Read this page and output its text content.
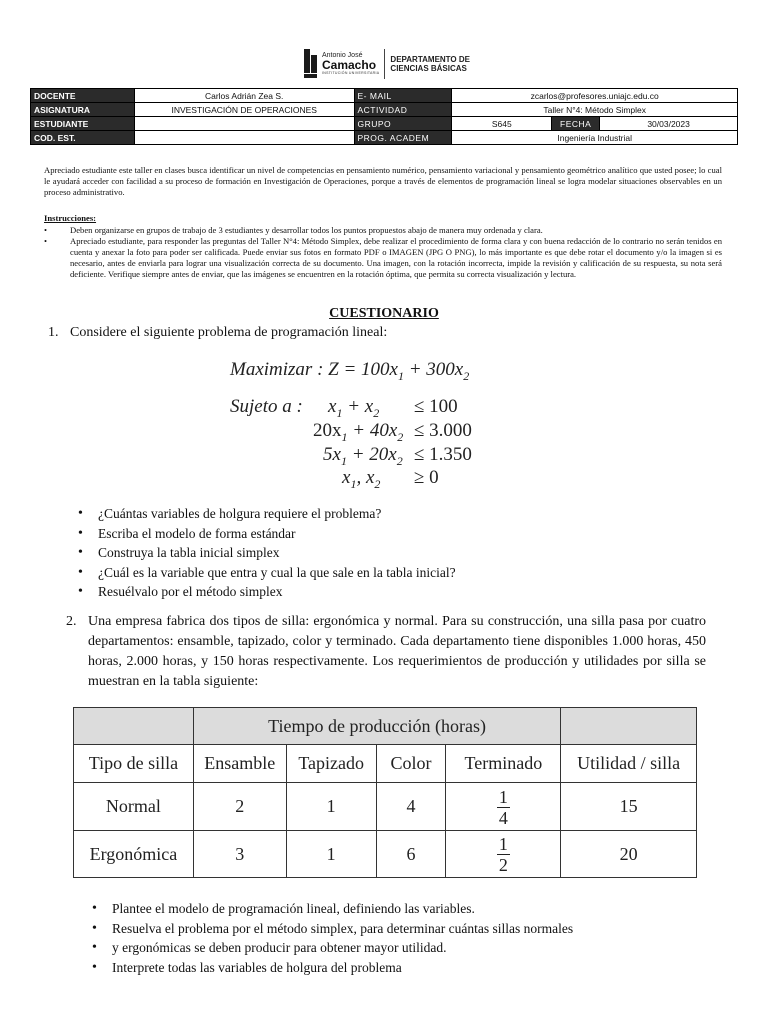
Antonio José
Camacho
INSTITUCIÓN UNIVERSITARIA
DEPARTAMENTO DE
CIENCIAS BÁSICAS
DOCENTE	Carlos Adrián Zea S.	E- MAIL	zcarlos@profesores.uniajc.edu.co		
ASIGNATURA	INVESTIGACIÓN DE OPERACIONES	ACTIVIDAD	Taller N°4: Método Simplex		
ESTUDIANTE		GRUPO	S645	FECHA	30/03/2023
COD. EST.		PROG. ACADEM	Ingeniería Industrial		

Apreciado estudiante este taller en clases busca identificar un nivel de competencias en pensamiento numérico, pensamiento variacional y pensamiento geométrico analítico que usted posee; lo cual le ayudará acceder con facilidad a su proceso de formación en Investigación de Operaciones, porque a través de elementos de programación lineal se logra modelar situaciones observables en un proceso administrativo.

Instrucciones:
• Deben organizarse en grupos de trabajo de 3 estudiantes y desarrollar todos los puntos propuestos abajo de manera muy ordenada y clara.
• Apreciado estudiante, para responder las preguntas del Taller N°4: Método Simplex, debe realizar el procedimiento de forma clara y con buena redacción de lo contrario no serán tenidos en cuenta y anexar la foto para poder ser calificada. Puede enviar sus fotos en formato PDF o IMAGEN (JPG O PNG), lo más importante es que debe rotar el documento y/o la imagen si es necesario, antes de enviarla para lograr una visualización correcta de su documento. Una imagen, con la rotación incorrecta, impide la revisión y calificación de su respuesta, su nota será deficiente. Verifique siempre antes de enviar, que las imágenes se encuentren en la rotación óptima, que permita su correcta visualización y lectura.
CUESTIONARIO
1. Considere el siguiente problema de programación lineal:
Maximizar : $Z = 100x_1 + 300x_2$
Sujeto a : $x_1 + x_2 \le 100$
$20x_1 + 40x_2 \le 3.000$
$5x_1 + 20x_2 \le 1.350$
$x_1$, $x_2 \ge 0$
• ¿Cuántas variables de holgura requiere el problema?
• Escriba el modelo de forma estándar
• Construya la tabla inicial simplex
• ¿Cuál es la variable que entra y cual la que sale en la tabla inicial?
• Resuélvalo por el método simplex
2. Una empresa fabrica dos tipos de silla: ergonómica y normal. Para su construcción, una silla pasa por cuatro departamentos: ensamble, tapizado, color y terminado. Cada departamento tiene disponibles 1.000 horas, 450 horas, 2.000 horas, y 150 horas respectivamente. Los requerimientos de producción y utilidades por silla se muestran en la tabla siguiente:
	Tiempo de producción (horas)				
Tipo de silla	Ensamble	Tapizado	Color	Terminado	Utilidad / silla
Normal	2	1	4	$\frac{1}{4}$	15
Ergonómica	3	1	6	$\frac{1}{2}$	20
• Plantee el modelo de programación lineal, definiendo las variables.
• Resuelva el problema por el método simplex, para determinar cuántas sillas normales
• y ergonómicas se deben producir para obtener mayor utilidad.
• Interprete todas las variables de holgura del problema
